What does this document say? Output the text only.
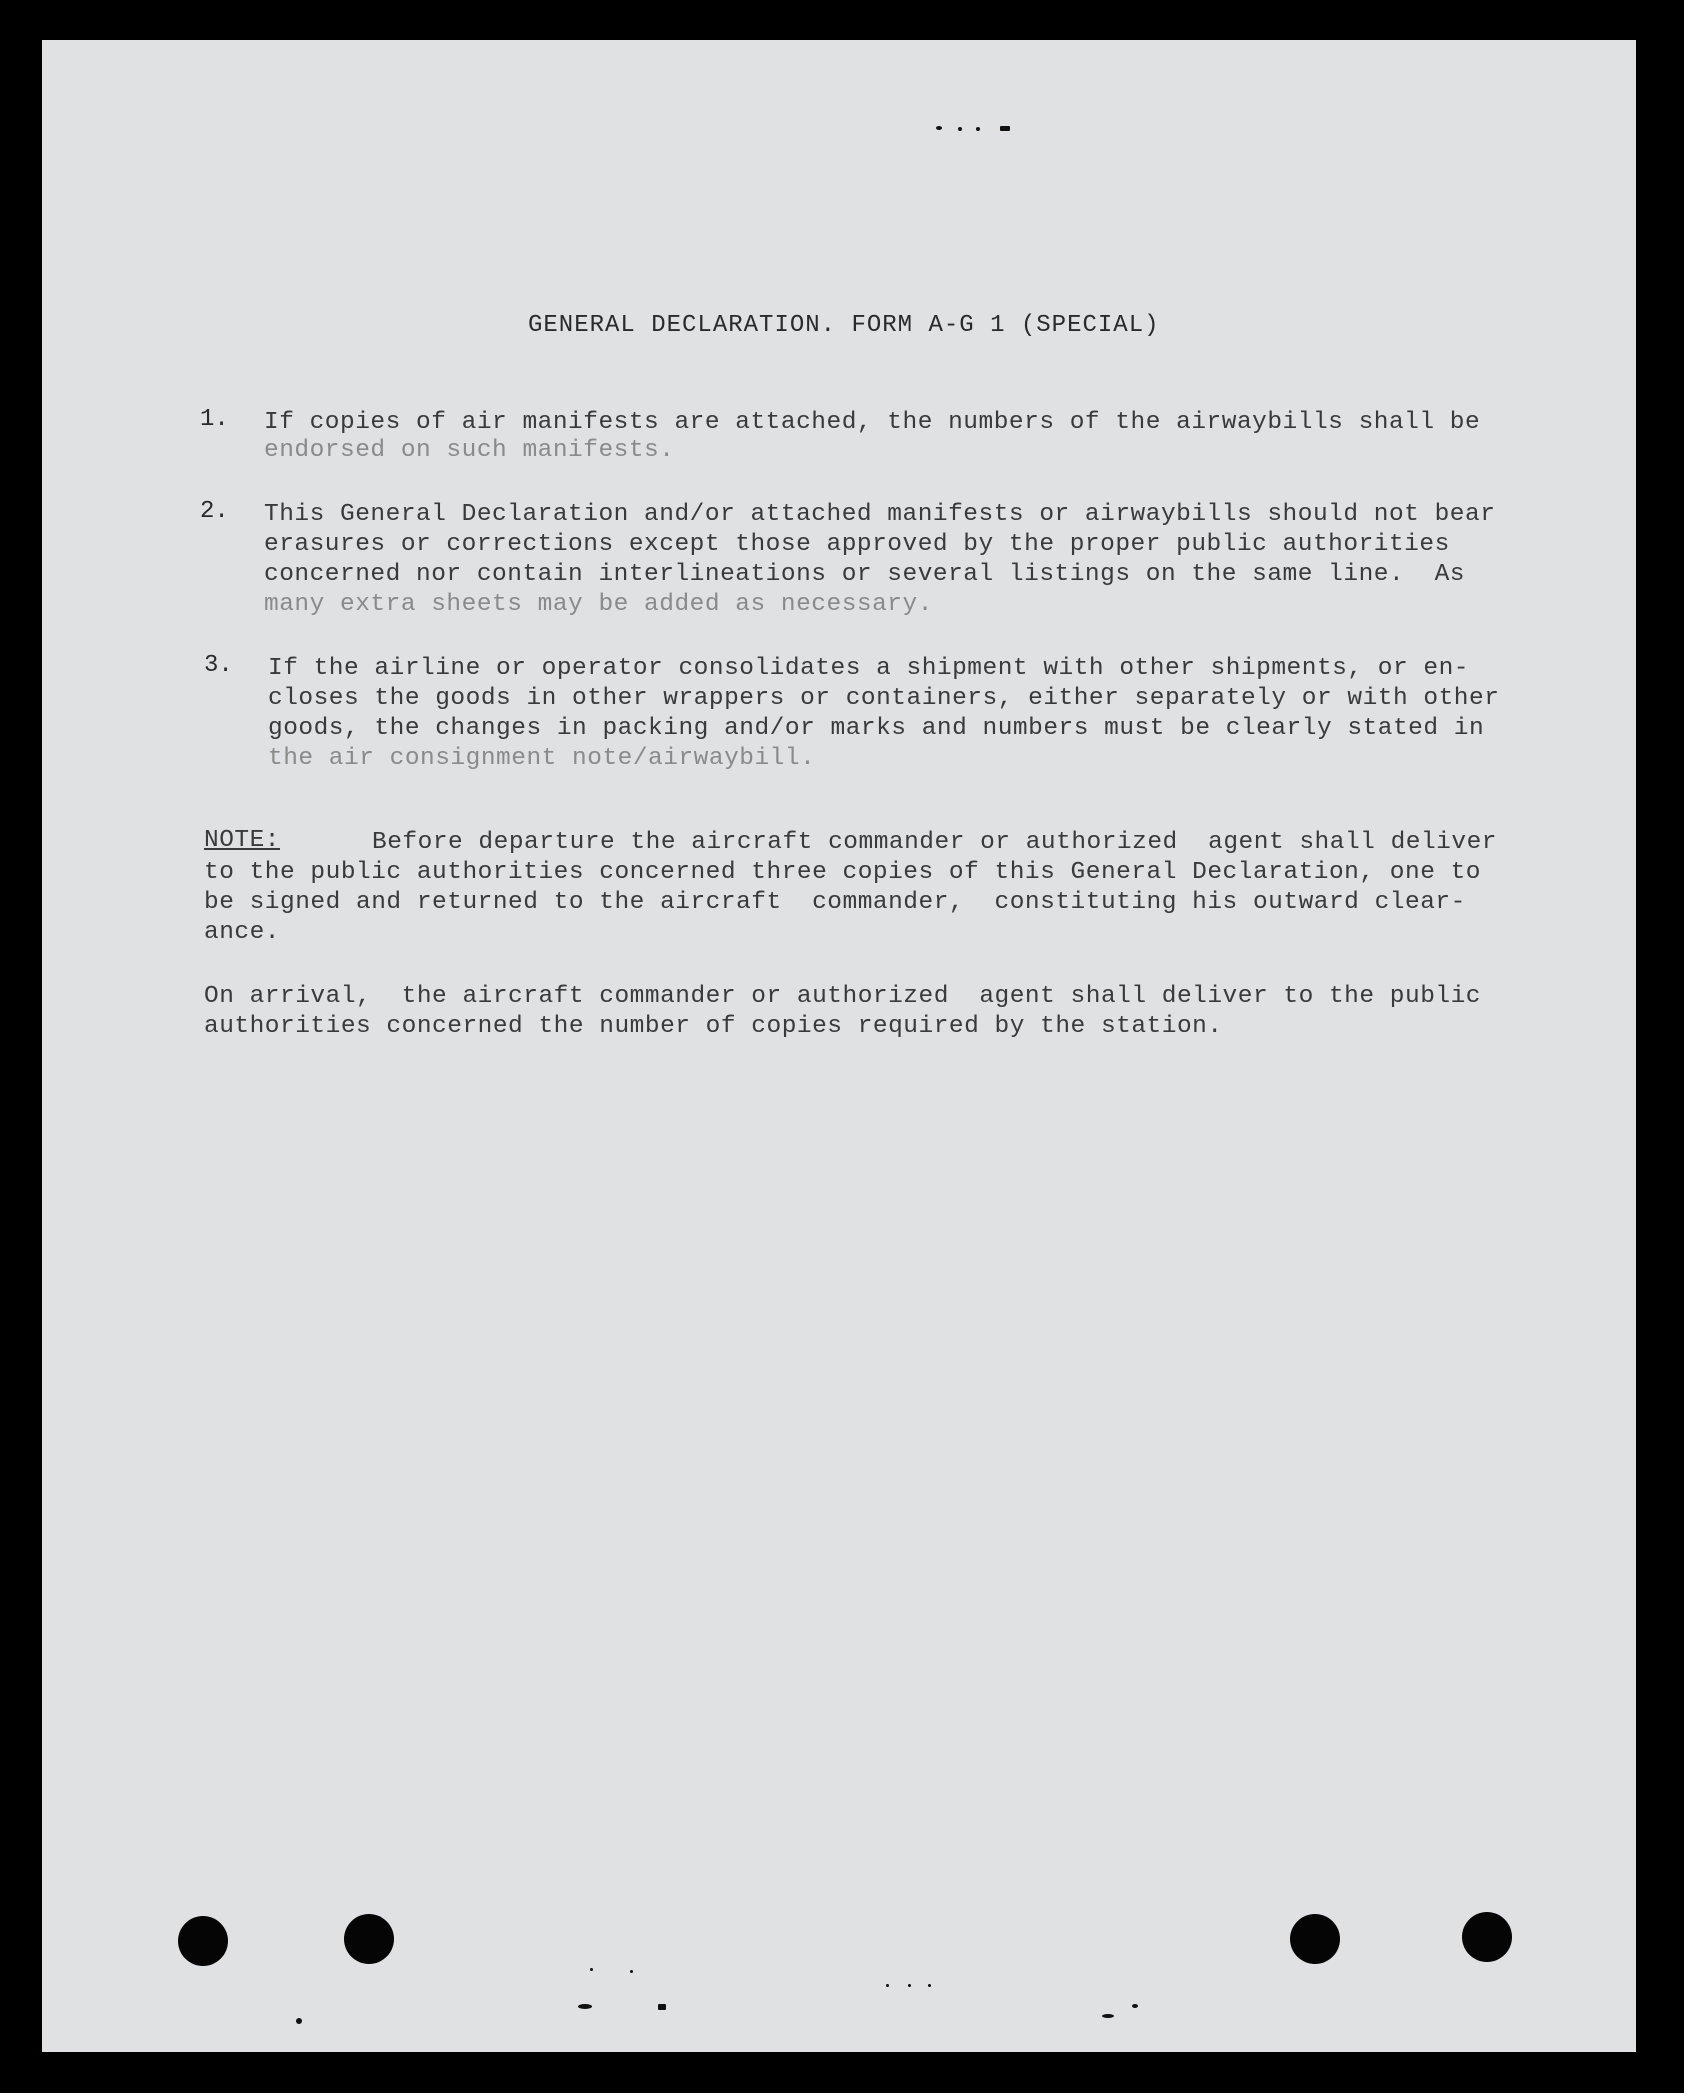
GENERAL DECLARATION. FORM A-G 1 (SPECIAL)
1. If copies of air manifests are attached, the numbers of the airwaybills shall be
endorsed on such manifests.
2. This General Declaration and/or attached manifests or airwaybills should not bear
erasures or corrections except those approved by the proper public authorities
concerned nor contain interlineations or several listings on the same line.  As
many extra sheets may be added as necessary.
3. If the airline or operator consolidates a shipment with other shipments, or en-
closes the goods in other wrappers or containers, either separately or with other
goods, the changes in packing and/or marks and numbers must be clearly stated in
the air consignment note/airwaybill.
NOTE: Before departure the aircraft commander or authorized  agent shall deliver
to the public authorities concerned three copies of this General Declaration, one to
be signed and returned to the aircraft  commander,  constituting his outward clear-
ance.
On arrival,  the aircraft commander or authorized  agent shall deliver to the public
authorities concerned the number of copies required by the station.
